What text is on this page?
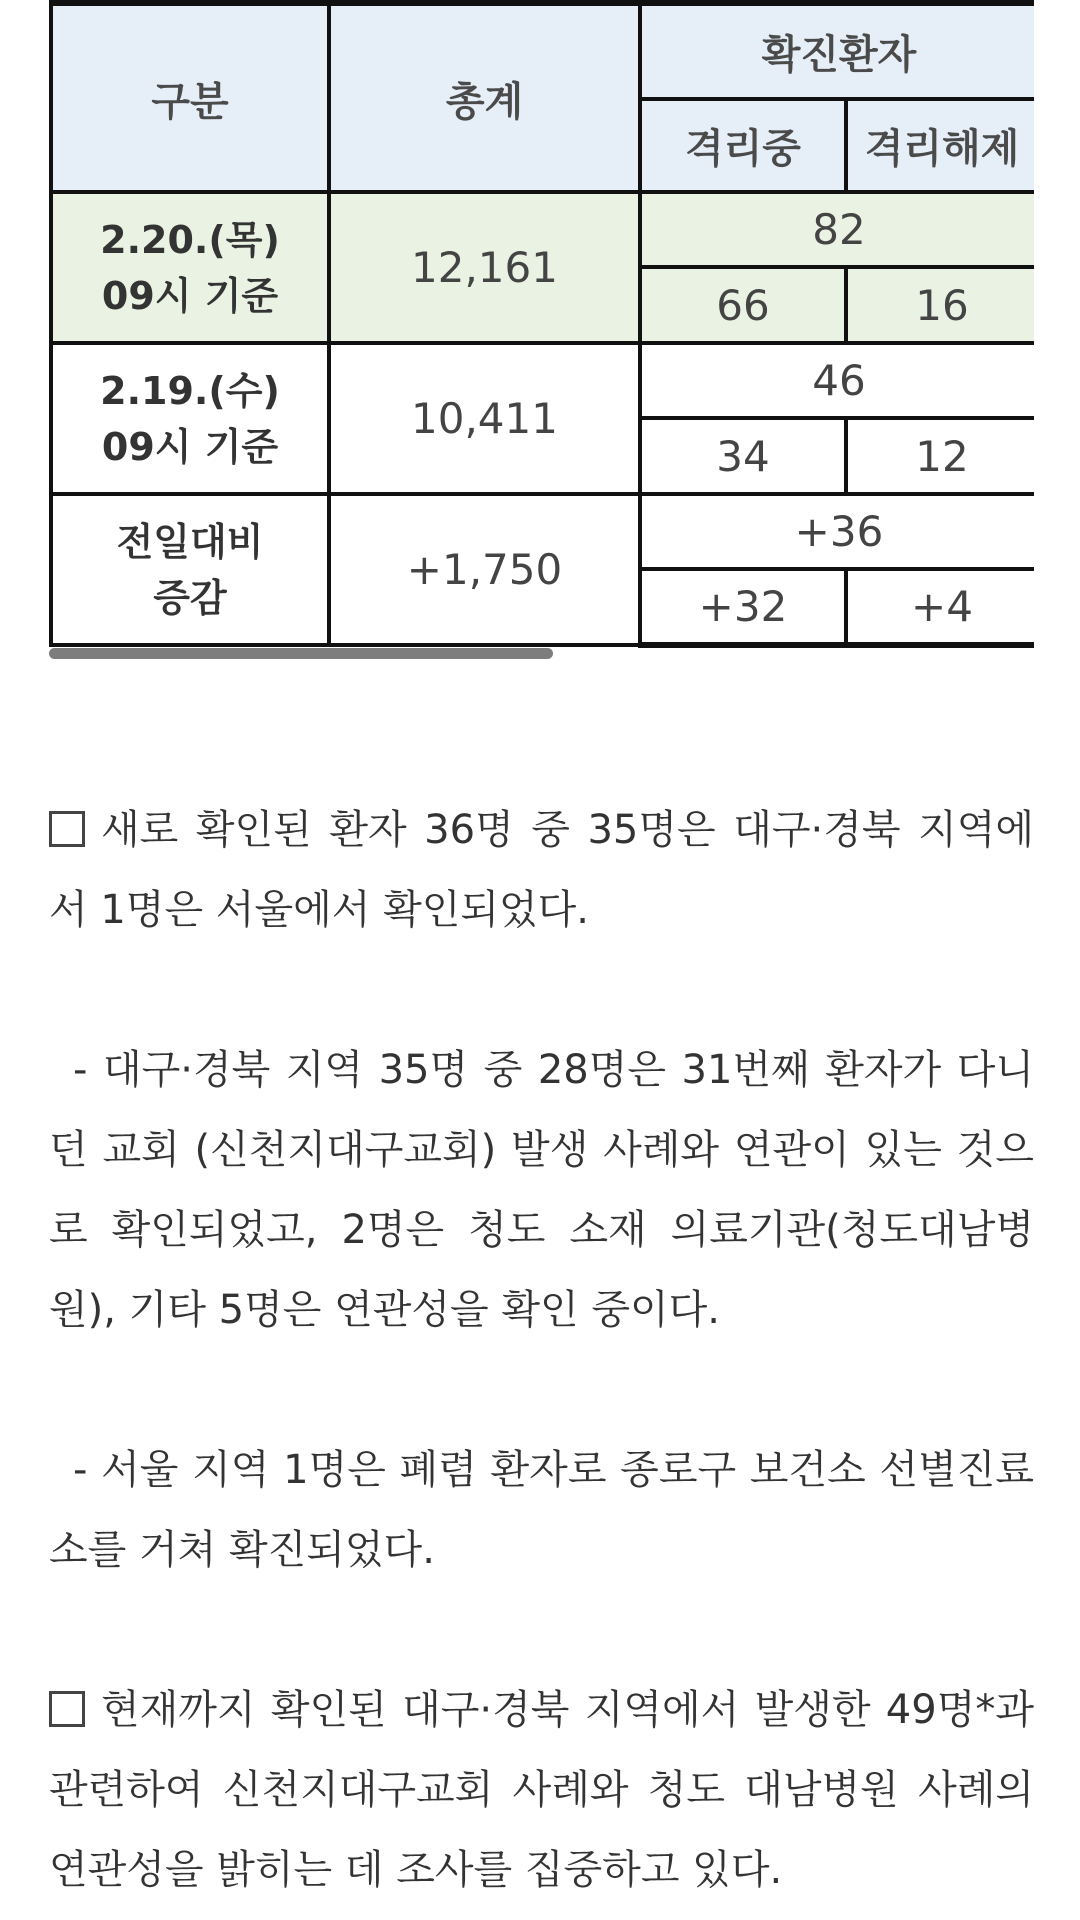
구분	총계	확진환자	
		격리중	격리해제

2.20.(목)
09시 기준	12,161	82	
		66	16

2.19.(수)
09시 기준	10,411	46	
		34	12

전일대비
증감	+1,750	+36	
		+32	+4

새로 확인된 환자 36명 중 35명은 대구·경북 지역에서 1명은 서울에서 확인되었다.

- 대구·경북 지역 35명 중 28명은 31번째 환자가 다니던 교회 (신천지대구교회) 발생 사례와 연관이 있는 것으로 확인되었고, 2명은 청도 소재 의료기관(청도대남병원), 기타 5명은 연관성을 확인 중이다.

- 서울 지역 1명은 폐렴 환자로 종로구 보건소 선별진료소를 거쳐 확진되었다.

현재까지 확인된 대구·경북 지역에서 발생한 49명*과 관련하여 신천지대구교회 사례와 청도 대남병원 사례의 연관성을 밝히는 데 조사를 집중하고 있다.
